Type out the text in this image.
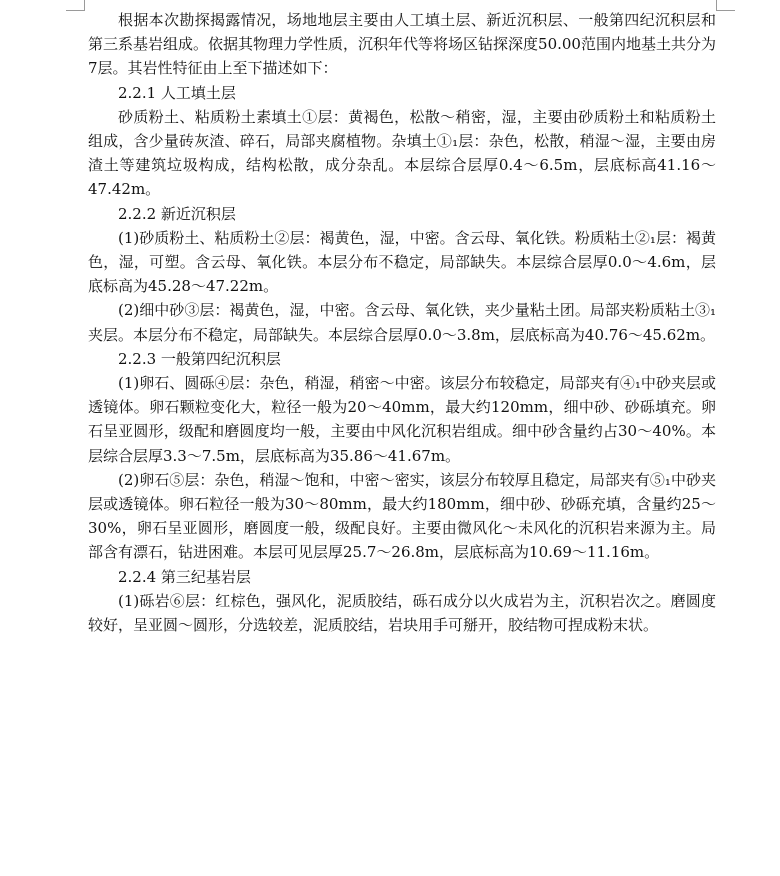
根据本次勘探揭露情况，场地地层主要由人工填土层、新近沉积层、一般第四纪沉积层和第三系基岩组成。依据其物理力学性质，沉积年代等将场区钻探深度50.00范围内地基土共分为7层。其岩性特征由上至下描述如下：

2.2.1 人工填土层

砂质粉土、粘质粉土素填土①层：黄褐色，松散～稍密，湿，主要由砂质粉土和粘质粉土组成，含少量砖灰渣、碎石，局部夹腐植物。杂填土①₁层：杂色，松散，稍湿～湿，主要由房渣土等建筑垃圾构成，结构松散，成分杂乱。本层综合层厚0.4～6.5m，层底标高41.16～47.42m。

2.2.2 新近沉积层

(1)砂质粉土、粘质粉土②层：褐黄色，湿，中密。含云母、氧化铁。粉质粘土②₁层：褐黄色，湿，可塑。含云母、氧化铁。本层分布不稳定，局部缺失。本层综合层厚0.0～4.6m，层底标高为45.28～47.22m。

(2)细中砂③层：褐黄色，湿，中密。含云母、氧化铁，夹少量粘土团。局部夹粉质粘土③₁夹层。本层分布不稳定，局部缺失。本层综合层厚0.0～3.8m，层底标高为40.76～45.62m。

2.2.3 一般第四纪沉积层

(1)卵石、圆砾④层：杂色，稍湿，稍密～中密。该层分布较稳定，局部夹有④₁中砂夹层或透镜体。卵石颗粒变化大，粒径一般为20～40mm，最大约120mm，细中砂、砂砾填充。卵石呈亚圆形，级配和磨圆度均一般，主要由中风化沉积岩组成。细中砂含量约占30～40%。本层综合层厚3.3～7.5m，层底标高为35.86～41.67m。

(2)卵石⑤层：杂色，稍湿～饱和，中密～密实，该层分布较厚且稳定，局部夹有⑤₁中砂夹层或透镜体。卵石粒径一般为30～80mm，最大约180mm，细中砂、砂砾充填，含量约25～30%，卵石呈亚圆形，磨圆度一般，级配良好。主要由微风化～未风化的沉积岩来源为主。局部含有漂石，钻进困难。本层可见层厚25.7～26.8m，层底标高为10.69～11.16m。

2.2.4 第三纪基岩层

(1)砾岩⑥层：红棕色，强风化，泥质胶结，砾石成分以火成岩为主，沉积岩次之。磨圆度较好，呈亚圆～圆形，分选较差，泥质胶结，岩块用手可掰开，胶结物可捏成粉末状。
